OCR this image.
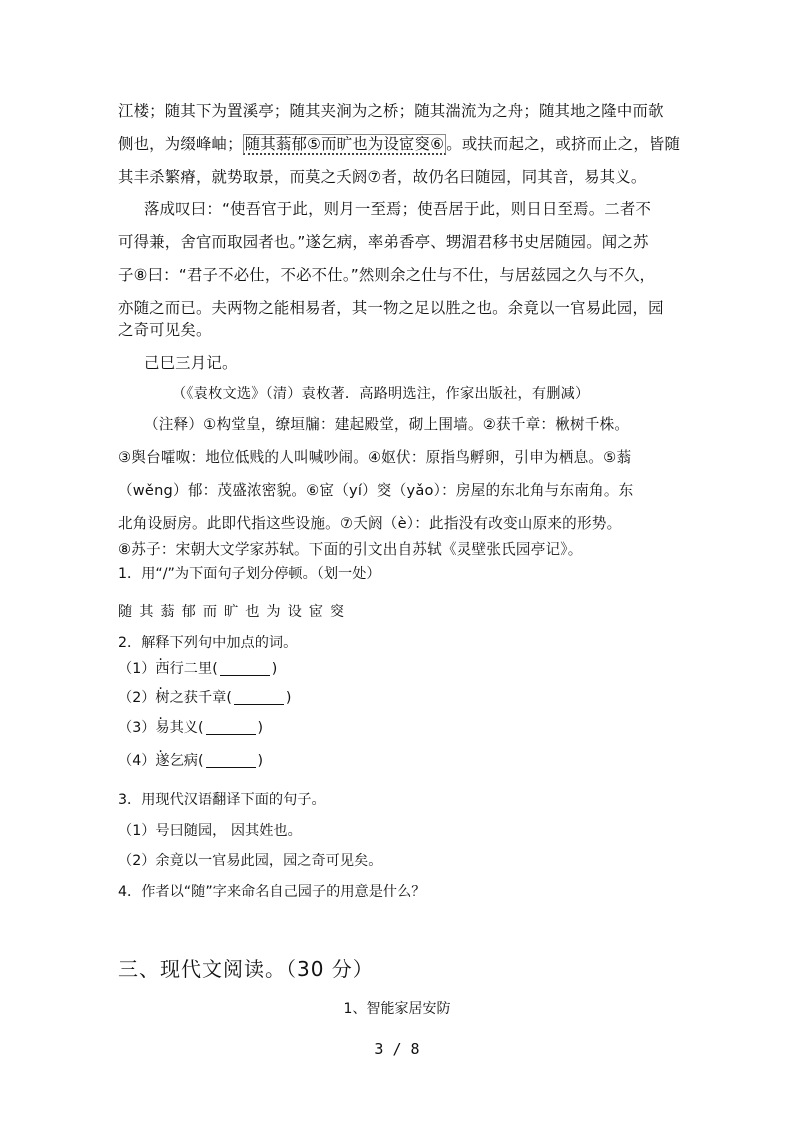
江楼；随其下为置溪亭；随其夹涧为之桥；随其湍流为之舟；随其地之隆中而欹
侧也，为缀峰岫； 随其蓊郁⑤而旷也为设宧窔⑥ 。或扶而起之，或挤而止之，皆随
其丰杀繁瘠，就势取景，而莫之夭阏⑦者，故仍名曰随园，同其音，易其义。
落成叹曰：“使吾官于此，则月一至焉；使吾居于此，则日日至焉。二者不
可得兼，舍官而取园者也。”遂乞病，率弟香亭、甥湄君移书史居随园。闻之苏
子⑧曰：“君子不必仕，不必不仕。”然则余之仕与不仕，与居兹园之久与不久，
亦随之而已。夫两物之能相易者，其一物之足以胜之也。余竟以一官易此园，园
之奇可见矣。
己巳三月记。
（《袁枚文选》（清）袁枚著．高路明选注，作家出版社，有删减）
（注释）①构堂皇，缭垣牖：建起殿堂，砌上围墙。②获千章：楸树千株。
③舆台嚯呶：地位低贱的人叫喊吵闹。④妪伏：原指鸟孵卵，引申为栖息。⑤蓊
（wěng）郁：茂盛浓密貌。⑥宧（yí）窔（yǎo）：房屋的东北角与东南角。东
北角设厨房。此即代指这些设施。⑦夭阏（è）：此指没有改变山原来的形势。
⑧苏子：宋朝大文学家苏轼。下面的引文出自苏轼《灵壁张氏园亭记》。
1．用“/”为下面句子划分停顿。（划一处）
随 其 蓊 郁 而 旷 也 为 设 宧 窔
2．解释下列句中加点的词。
（1）西行二里(	)
（2）树之获千章(	)
（3）易其义(	)
（4）遂乞病(	)
3．用现代汉语翻译下面的句子。
（1）号曰随园， 因其姓也。
（2）余竟以一官易此园，园之奇可见矣。
4．作者以“随”字来命名自己园子的用意是什么？
三、现代文阅读。（30 分）
1、智能家居安防
3 / 8
